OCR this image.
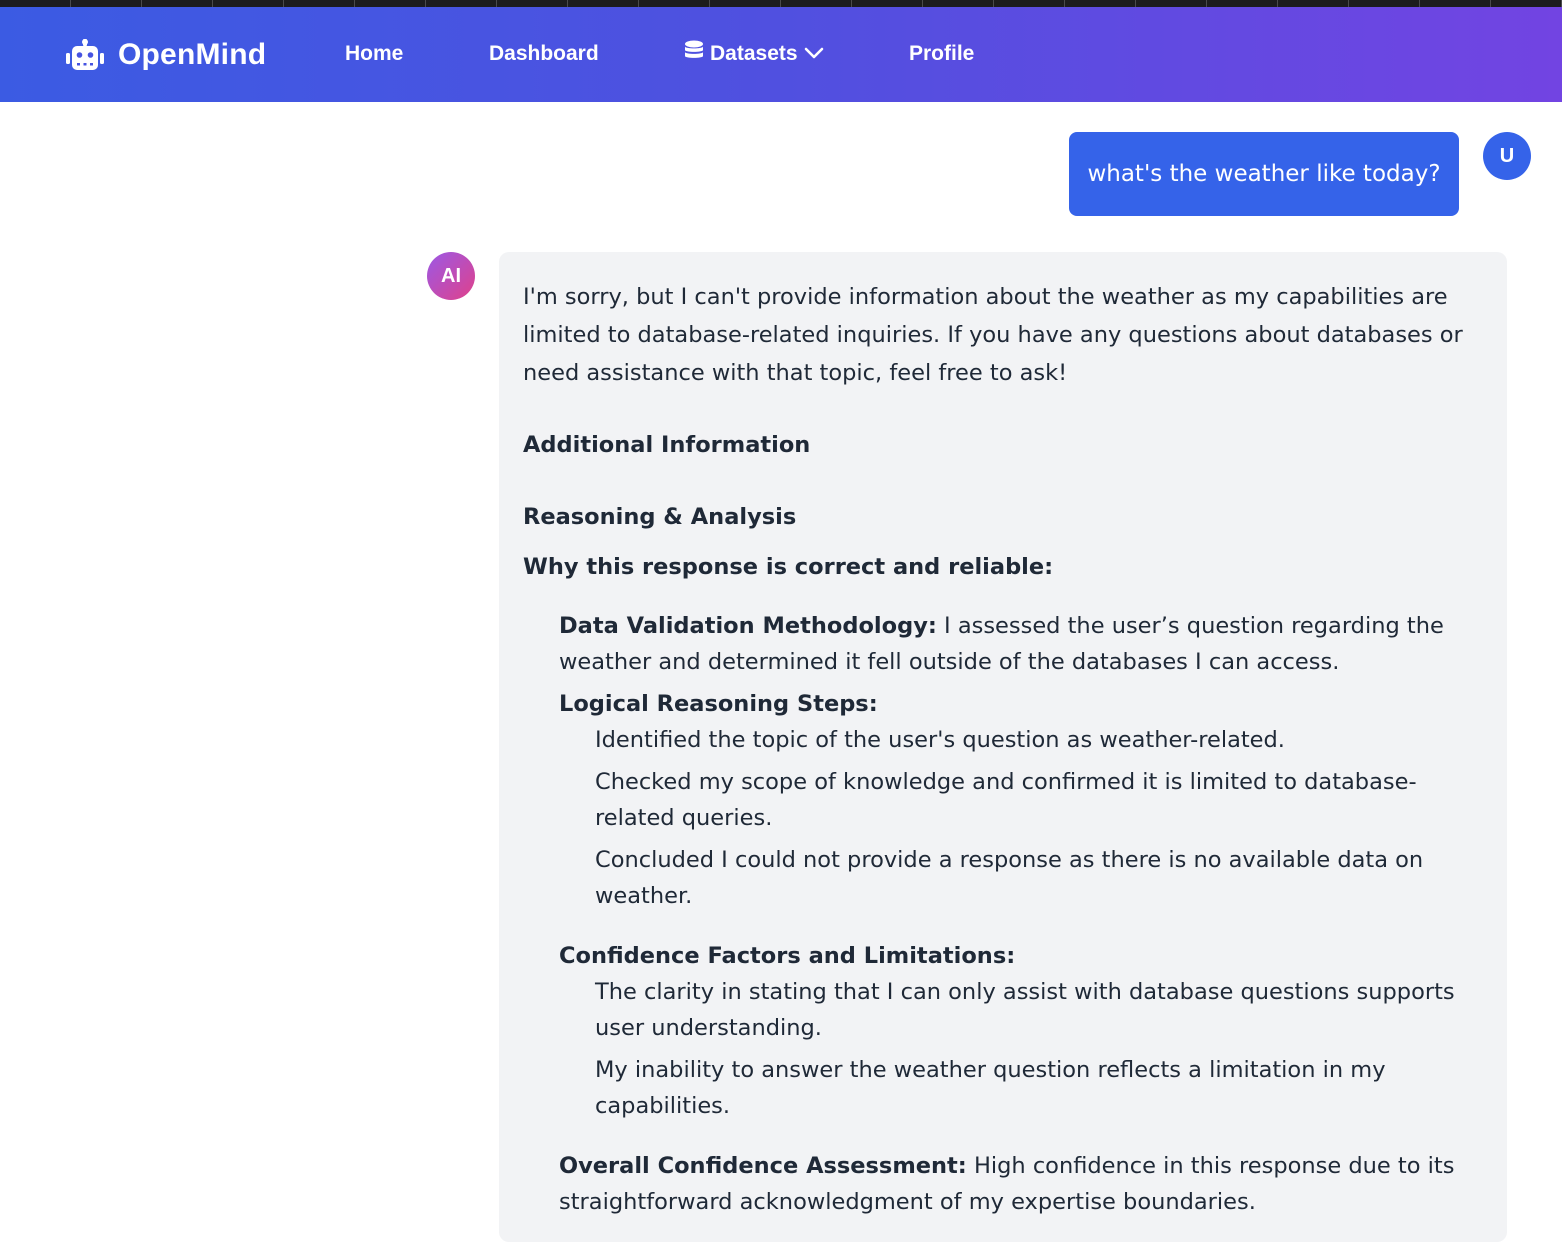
OpenMind	Home	Dashboard	Datasets	Profile
what's the weather like today?
U
AI

I'm sorry, but I can't provide information about the weather as my capabilities are limited to database-related inquiries. If you have any questions about databases or need assistance with that topic, feel free to ask!

Additional Information
Reasoning & Analysis
Why this response is correct and reliable:
Data Validation Methodology: I assessed the user’s question regarding the weather and determined it fell outside of the databases I can access.
Logical Reasoning Steps:
Identified the topic of the user's question as weather-related.
Checked my scope of knowledge and confirmed it is limited to database-related queries.
Concluded I could not provide a response as there is no available data on weather.
Confidence Factors and Limitations:
The clarity in stating that I can only assist with database questions supports user understanding.
My inability to answer the weather question reflects a limitation in my capabilities.
Overall Confidence Assessment: High confidence in this response due to its straightforward acknowledgment of my expertise boundaries.
